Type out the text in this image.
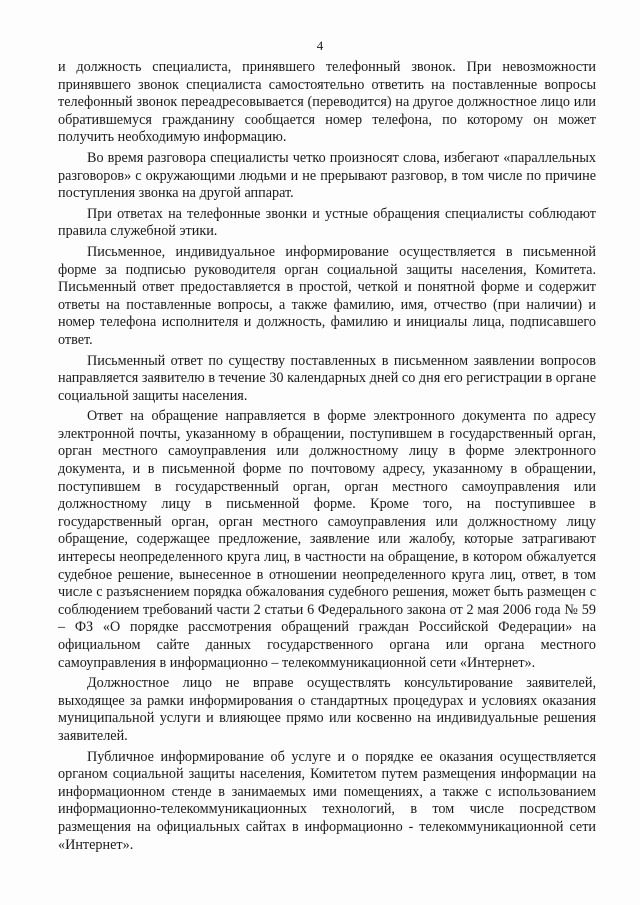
4

и должность специалиста, принявшего телефонный звонок. При невозможности принявшего звонок специалиста самостоятельно ответить на поставленные вопросы телефонный звонок переадресовывается (переводится) на другое должностное лицо или обратившемуся гражданину сообщается номер телефона, по которому он может получить необходимую информацию.

Во время разговора специалисты четко произносят слова, избегают «параллельных разговоров» с окружающими людьми и не прерывают разговор, в том числе по причине поступления звонка на другой аппарат.

При ответах на телефонные звонки и устные обращения специалисты соблюдают правила служебной этики.

Письменное, индивидуальное информирование осуществляется в письменной форме за подписью руководителя орган социальной защиты населения, Комитета. Письменный ответ предоставляется в простой, четкой и понятной форме и содержит ответы на поставленные вопросы, а также фамилию, имя, отчество (при наличии) и номер телефона исполнителя и должность, фамилию и инициалы лица, подписавшего ответ.

Письменный ответ по существу поставленных в письменном заявлении вопросов направляется заявителю в течение 30 календарных дней со дня его регистрации в органе социальной защиты населения.

Ответ на обращение направляется в форме электронного документа по адресу электронной почты, указанному в обращении, поступившем в государственный орган, орган местного самоуправления или должностному лицу в форме электронного документа, и в письменной форме по почтовому адресу, указанному в обращении, поступившем в государственный орган, орган местного самоуправления или должностному лицу в письменной форме. Кроме того, на поступившее в государственный орган, орган местного самоуправления или должностному лицу обращение, содержащее предложение, заявление или жалобу, которые затрагивают интересы неопределенного круга лиц, в частности на обращение, в котором обжалуется судебное решение, вынесенное в отношении неопределенного круга лиц, ответ, в том числе с разъяснением порядка обжалования судебного решения, может быть размещен с соблюдением требований части 2 статьи 6 Федерального закона от 2 мая 2006 года № 59 – ФЗ «О порядке рассмотрения обращений граждан Российской Федерации» на официальном сайте данных государственного органа или органа местного самоуправления в информационно – телекоммуникационной сети «Интернет».

Должностное лицо не вправе осуществлять консультирование заявителей, выходящее за рамки информирования о стандартных процедурах и условиях оказания муниципальной услуги и влияющее прямо или косвенно на индивидуальные решения заявителей.

Публичное информирование об услуге и о порядке ее оказания осуществляется органом социальной защиты населения, Комитетом путем размещения информации на информационном стенде в занимаемых ими помещениях, а также с использованием информационно-телекоммуникационных технологий, в том числе посредством размещения на официальных сайтах в информационно - телекоммуникационной сети «Интернет».
